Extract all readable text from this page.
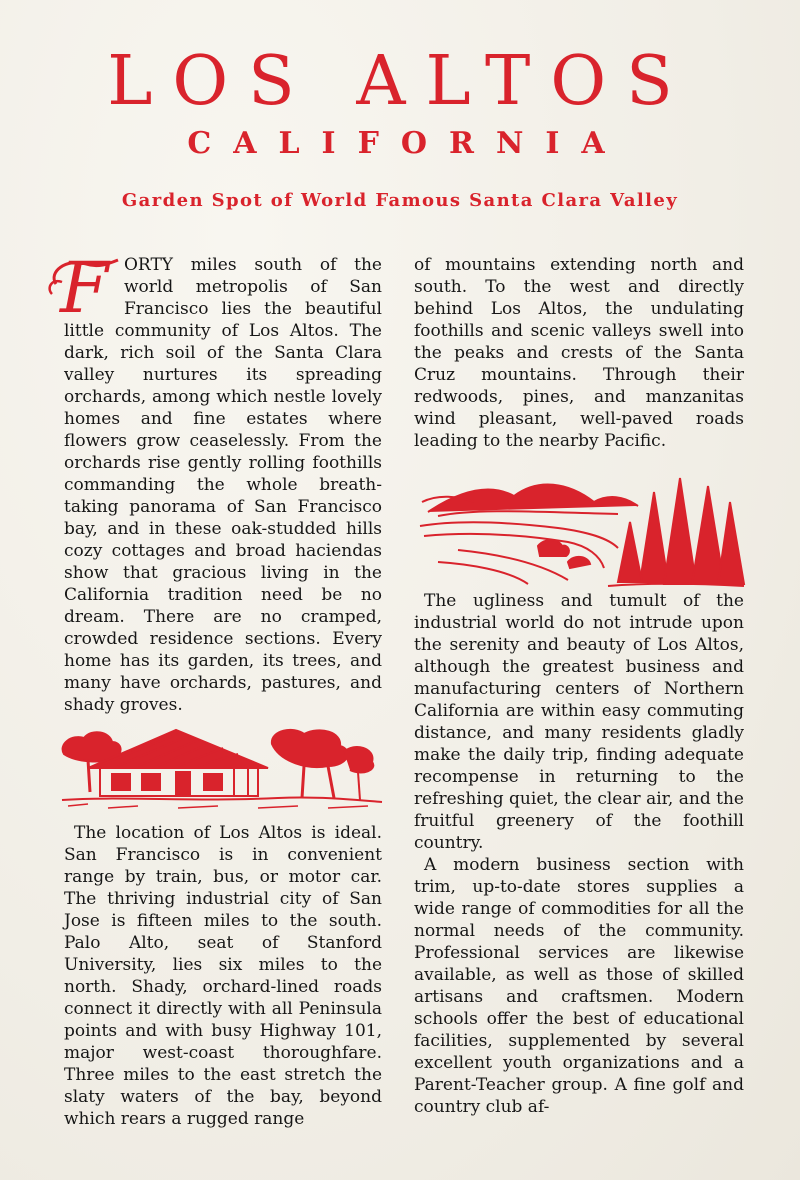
LOS ALTOS
CALIFORNIA
Garden Spot of World Famous Santa Clara Valley
F ORTY miles south of the world metropolis of San Francisco lies the beautiful little community of Los Altos. The dark, rich soil of the Santa Clara valley nurtures its spreading orchards, among which nestle lovely homes and fine estates where flowers grow ceaselessly. From the orchards rise gently rolling foothills commanding the whole breath-taking panorama of San Francisco bay, and in these oak-studded hills cozy cottages and broad haciendas show that gracious living in the California tradition need be no dream. There are no cramped, crowded residence sections. Every home has its garden, its trees, and many have orchards, pastures, and shady groves.

The location of Los Altos is ideal. San Francisco is in convenient range by train, bus, or motor car. The thriving industrial city of San Jose is fifteen miles to the south. Palo Alto, seat of Stanford University, lies six miles to the north. Shady, orchard-lined roads connect it directly with all Peninsula points and with busy Highway 101, major west-coast thoroughfare. Three miles to the east stretch the slaty waters of the bay, beyond which rears a rugged range

of mountains extending north and south. To the west and directly behind Los Altos, the undulating foothills and scenic valleys swell into the peaks and crests of the Santa Cruz mountains. Through their redwoods, pines, and manzanitas wind pleasant, well-paved roads leading to the nearby Pacific.

The ugliness and tumult of the industrial world do not intrude upon the serenity and beauty of Los Altos, although the greatest business and manufacturing centers of Northern California are within easy commuting distance, and many residents gladly make the daily trip, finding adequate recompense in returning to the refreshing quiet, the clear air, and the fruitful greenery of the foothill country.

A modern business section with trim, up-to-date stores supplies a wide range of commodities for all the normal needs of the community. Professional services are likewise available, as well as those of skilled artisans and craftsmen. Modern schools offer the best of educational facilities, supplemented by several excellent youth organizations and a Parent-Teacher group. A fine golf and country club af-
